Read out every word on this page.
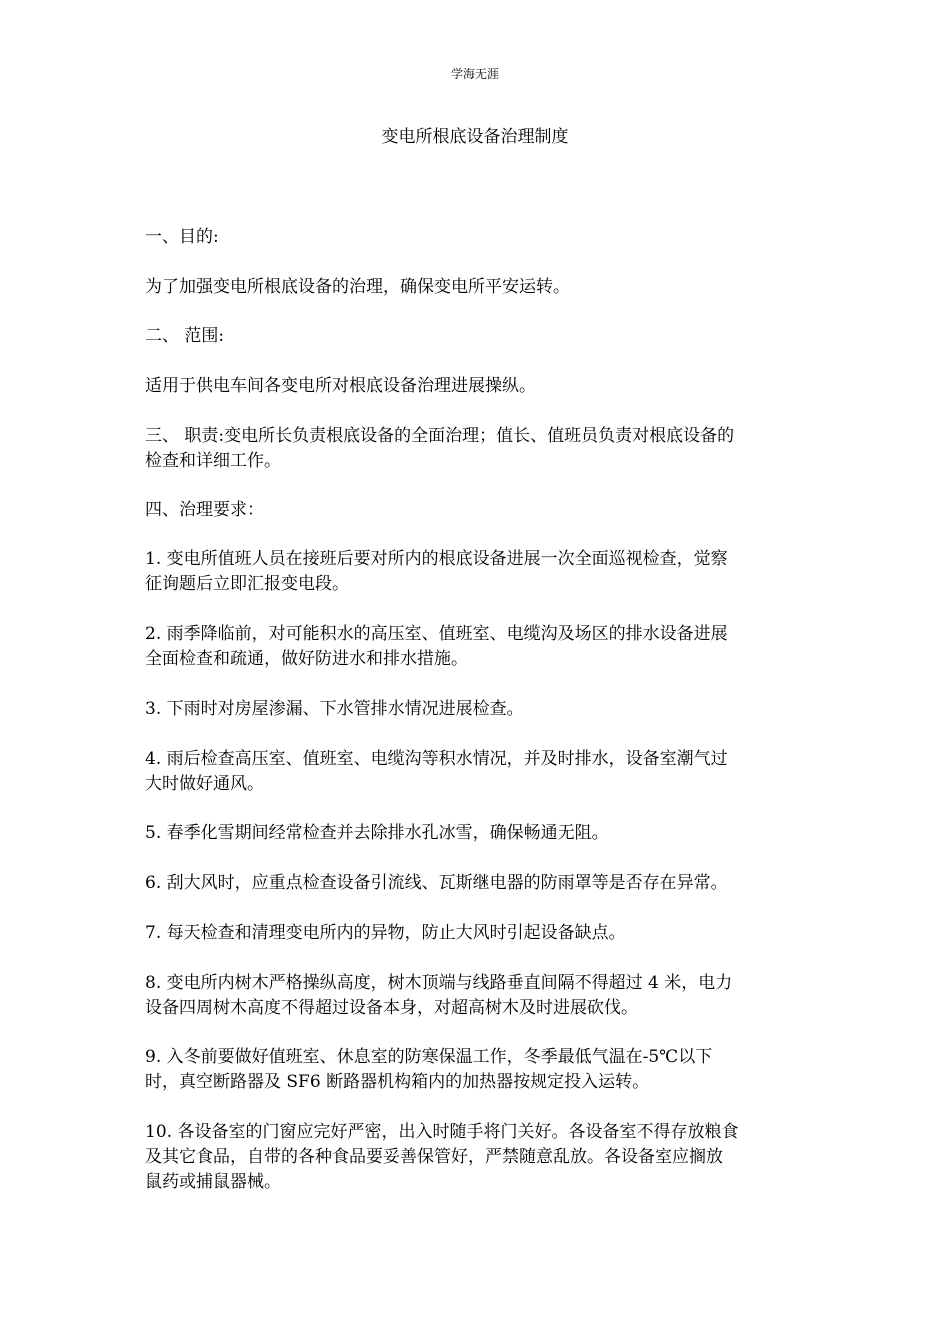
学海无涯
变电所根底设备治理制度
一、目的:
为了加强变电所根底设备的治理，确保变电所平安运转。
二、 范围:
适用于供电车间各变电所对根底设备治理进展操纵。
三、 职责:变电所长负责根底设备的全面治理；值长、值班员负责对根底设备的
检查和详细工作。
四、治理要求：
1. 变电所值班人员在接班后要对所内的根底设备进展一次全面巡视检查，觉察
征询题后立即汇报变电段。
2. 雨季降临前，对可能积水的高压室、值班室、电缆沟及场区的排水设备进展
全面检查和疏通，做好防进水和排水措施。
3. 下雨时对房屋渗漏、下水管排水情况进展检查。
4. 雨后检查高压室、值班室、电缆沟等积水情况，并及时排水，设备室潮气过
大时做好通风。
5. 春季化雪期间经常检查并去除排水孔冰雪，确保畅通无阻。
6. 刮大风时，应重点检查设备引流线、瓦斯继电器的防雨罩等是否存在异常。
7. 每天检查和清理变电所内的异物，防止大风时引起设备缺点。
8. 变电所内树木严格操纵高度，树木顶端与线路垂直间隔不得超过 4 米，电力
设备四周树木高度不得超过设备本身，对超高树木及时进展砍伐。
9. 入冬前要做好值班室、休息室的防寒保温工作，冬季最低气温在-5℃以下
时，真空断路器及 SF6 断路器机构箱内的加热器按规定投入运转。
10. 各设备室的门窗应完好严密，出入时随手将门关好。各设备室不得存放粮食
及其它食品，自带的各种食品要妥善保管好，严禁随意乱放。各设备室应搁放
鼠药或捕鼠器械。
